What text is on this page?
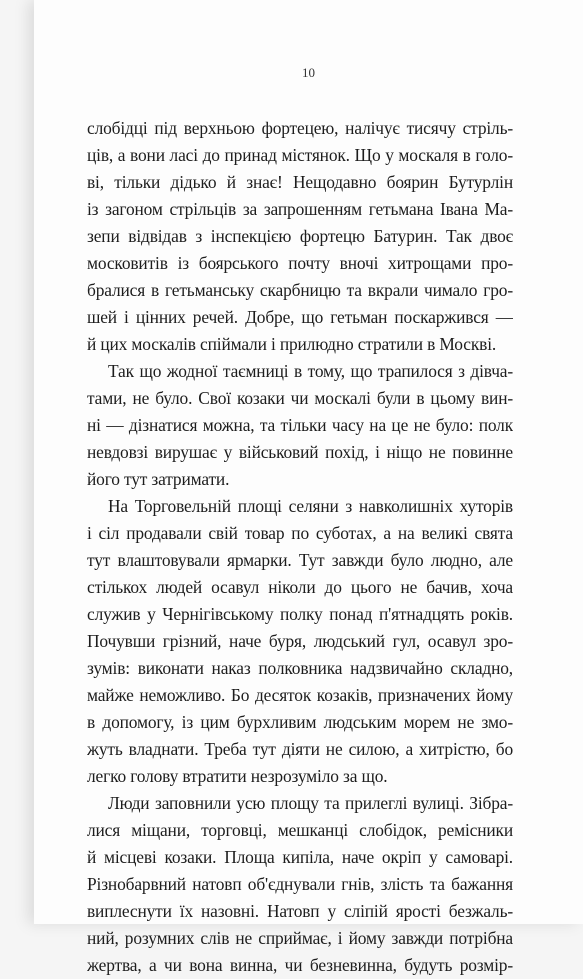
10
слобідці під верхньою фортецею, налічує тисячу стріль-
ців, а вони ласі до принад містянок. Що у москаля в голо-
ві, тільки дідько й знає! Нещодавно боярин Бутурлін
із загоном стрільців за запрошенням гетьмана Івана Ма-
зепи відвідав з інспекцією фортецю Батурин. Так двоє
московитів із боярського почту вночі хитрощами про-
бралися в гетьманську скарбницю та вкрали чимало гро-
шей і цінних речей. Добре, що гетьман поскаржився —
й цих москалів спіймали і прилюдно стратили в Москві.
Так що жодної таємниці в тому, що трапилося з дівча-
тами, не було. Свої козаки чи москалі були в цьому вин-
ні — дізнатися можна, та тільки часу на це не було: полк
невдовзі вирушає у військовий похід, і ніщо не повинне
його тут затримати.
На Торговельній площі селяни з навколишніх хуторів
і сіл продавали свій товар по суботах, а на великі свята
тут влаштовували ярмарки. Тут завжди було людно, але
стількох людей осавул ніколи до цього не бачив, хоча
служив у Чернігівському полку понад п'ятнадцять років.
Почувши грізний, наче буря, людський гул, осавул зро-
зумів: виконати наказ полковника надзвичайно складно,
майже неможливо. Бо десяток козаків, призначених йому
в допомогу, із цим бурхливим людським морем не змо-
жуть владнати. Треба тут діяти не силою, а хитрістю, бо
легко голову втратити незрозуміло за що.
Люди заповнили усю площу та прилеглі вулиці. Зібра-
лися міщани, торговці, мешканці слобідок, ремісники
й місцеві козаки. Площа кипіла, наче окріп у самоварі.
Різнобарвний натовп об'єднували гнів, злість та бажання
виплеснути їх назовні. Натовп у сліпій ярості безжаль-
ний, розумних слів не сприймає, і йому завжди потрібна
жертва, а чи вона винна, чи безневинна, будуть розмір-
